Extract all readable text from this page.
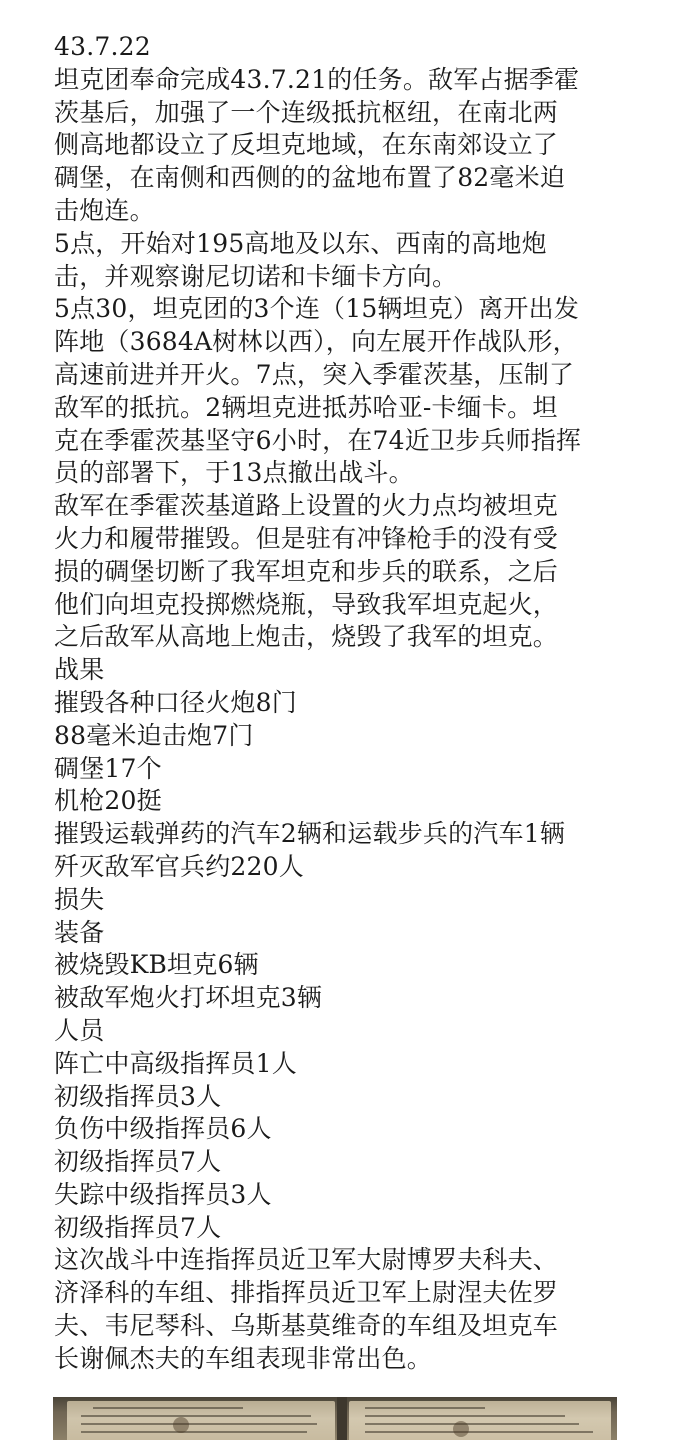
43.7.22

坦克团奉命完成43.7.21的任务。敌军占据季霍

茨基后，加强了一个连级抵抗枢纽，在南北两

侧高地都设立了反坦克地域，在东南郊设立了

碉堡，在南侧和西侧的的盆地布置了82毫米迫

击炮连。

5点，开始对195高地及以东、西南的高地炮

击，并观察谢尼切诺和卡缅卡方向。

5点30，坦克团的3个连（15辆坦克）离开出发

阵地（3684A树林以西），向左展开作战队形，

高速前进并开火。7点，突入季霍茨基，压制了

敌军的抵抗。2辆坦克进抵苏哈亚-卡缅卡。坦

克在季霍茨基坚守6小时，在74近卫步兵师指挥

员的部署下，于13点撤出战斗。

敌军在季霍茨基道路上设置的火力点均被坦克

火力和履带摧毁。但是驻有冲锋枪手的没有受

损的碉堡切断了我军坦克和步兵的联系，之后

他们向坦克投掷燃烧瓶，导致我军坦克起火，

之后敌军从高地上炮击，烧毁了我军的坦克。

战果

摧毁各种口径火炮8门

88毫米迫击炮7门

碉堡17个

机枪20挺

摧毁运载弹药的汽车2辆和运载步兵的汽车1辆

歼灭敌军官兵约220人

损失

装备

被烧毁KB坦克6辆

被敌军炮火打坏坦克3辆

人员

阵亡中高级指挥员1人

初级指挥员3人

负伤中级指挥员6人

初级指挥员7人

失踪中级指挥员3人

初级指挥员7人

这次战斗中连指挥员近卫军大尉博罗夫科夫、

济泽科的车组、排指挥员近卫军上尉涅夫佐罗

夫、韦尼琴科、乌斯基莫维奇的车组及坦克车

长谢佩杰夫的车组表现非常出色。
